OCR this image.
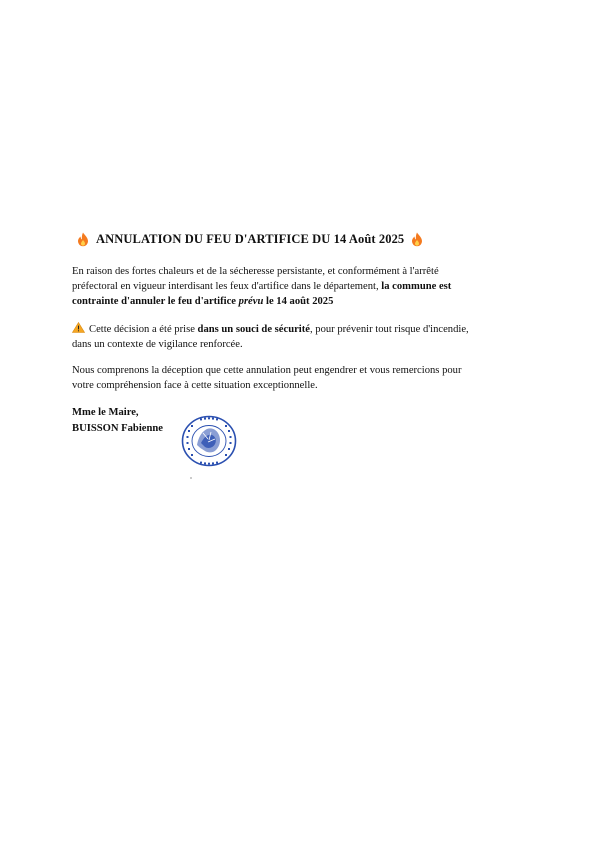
ANNULATION DU FEU D'ARTIFICE DU 14 Août 2025
En raison des fortes chaleurs et de la sécheresse persistante, et conformément à l'arrêté
préfectoral en vigueur interdisant les feux d'artifice dans le département, la commune est
contrainte d'annuler le feu d'artifice prévu le 14 août 2025
Cette décision a été prise dans un souci de sécurité, pour prévenir tout risque d'incendie,
dans un contexte de vigilance renforcée.
Nous comprenons la déception que cette annulation peut engendrer et vous remercions pour
votre compréhension face à cette situation exceptionnelle.
Mme le Maire,
BUISSON Fabienne
